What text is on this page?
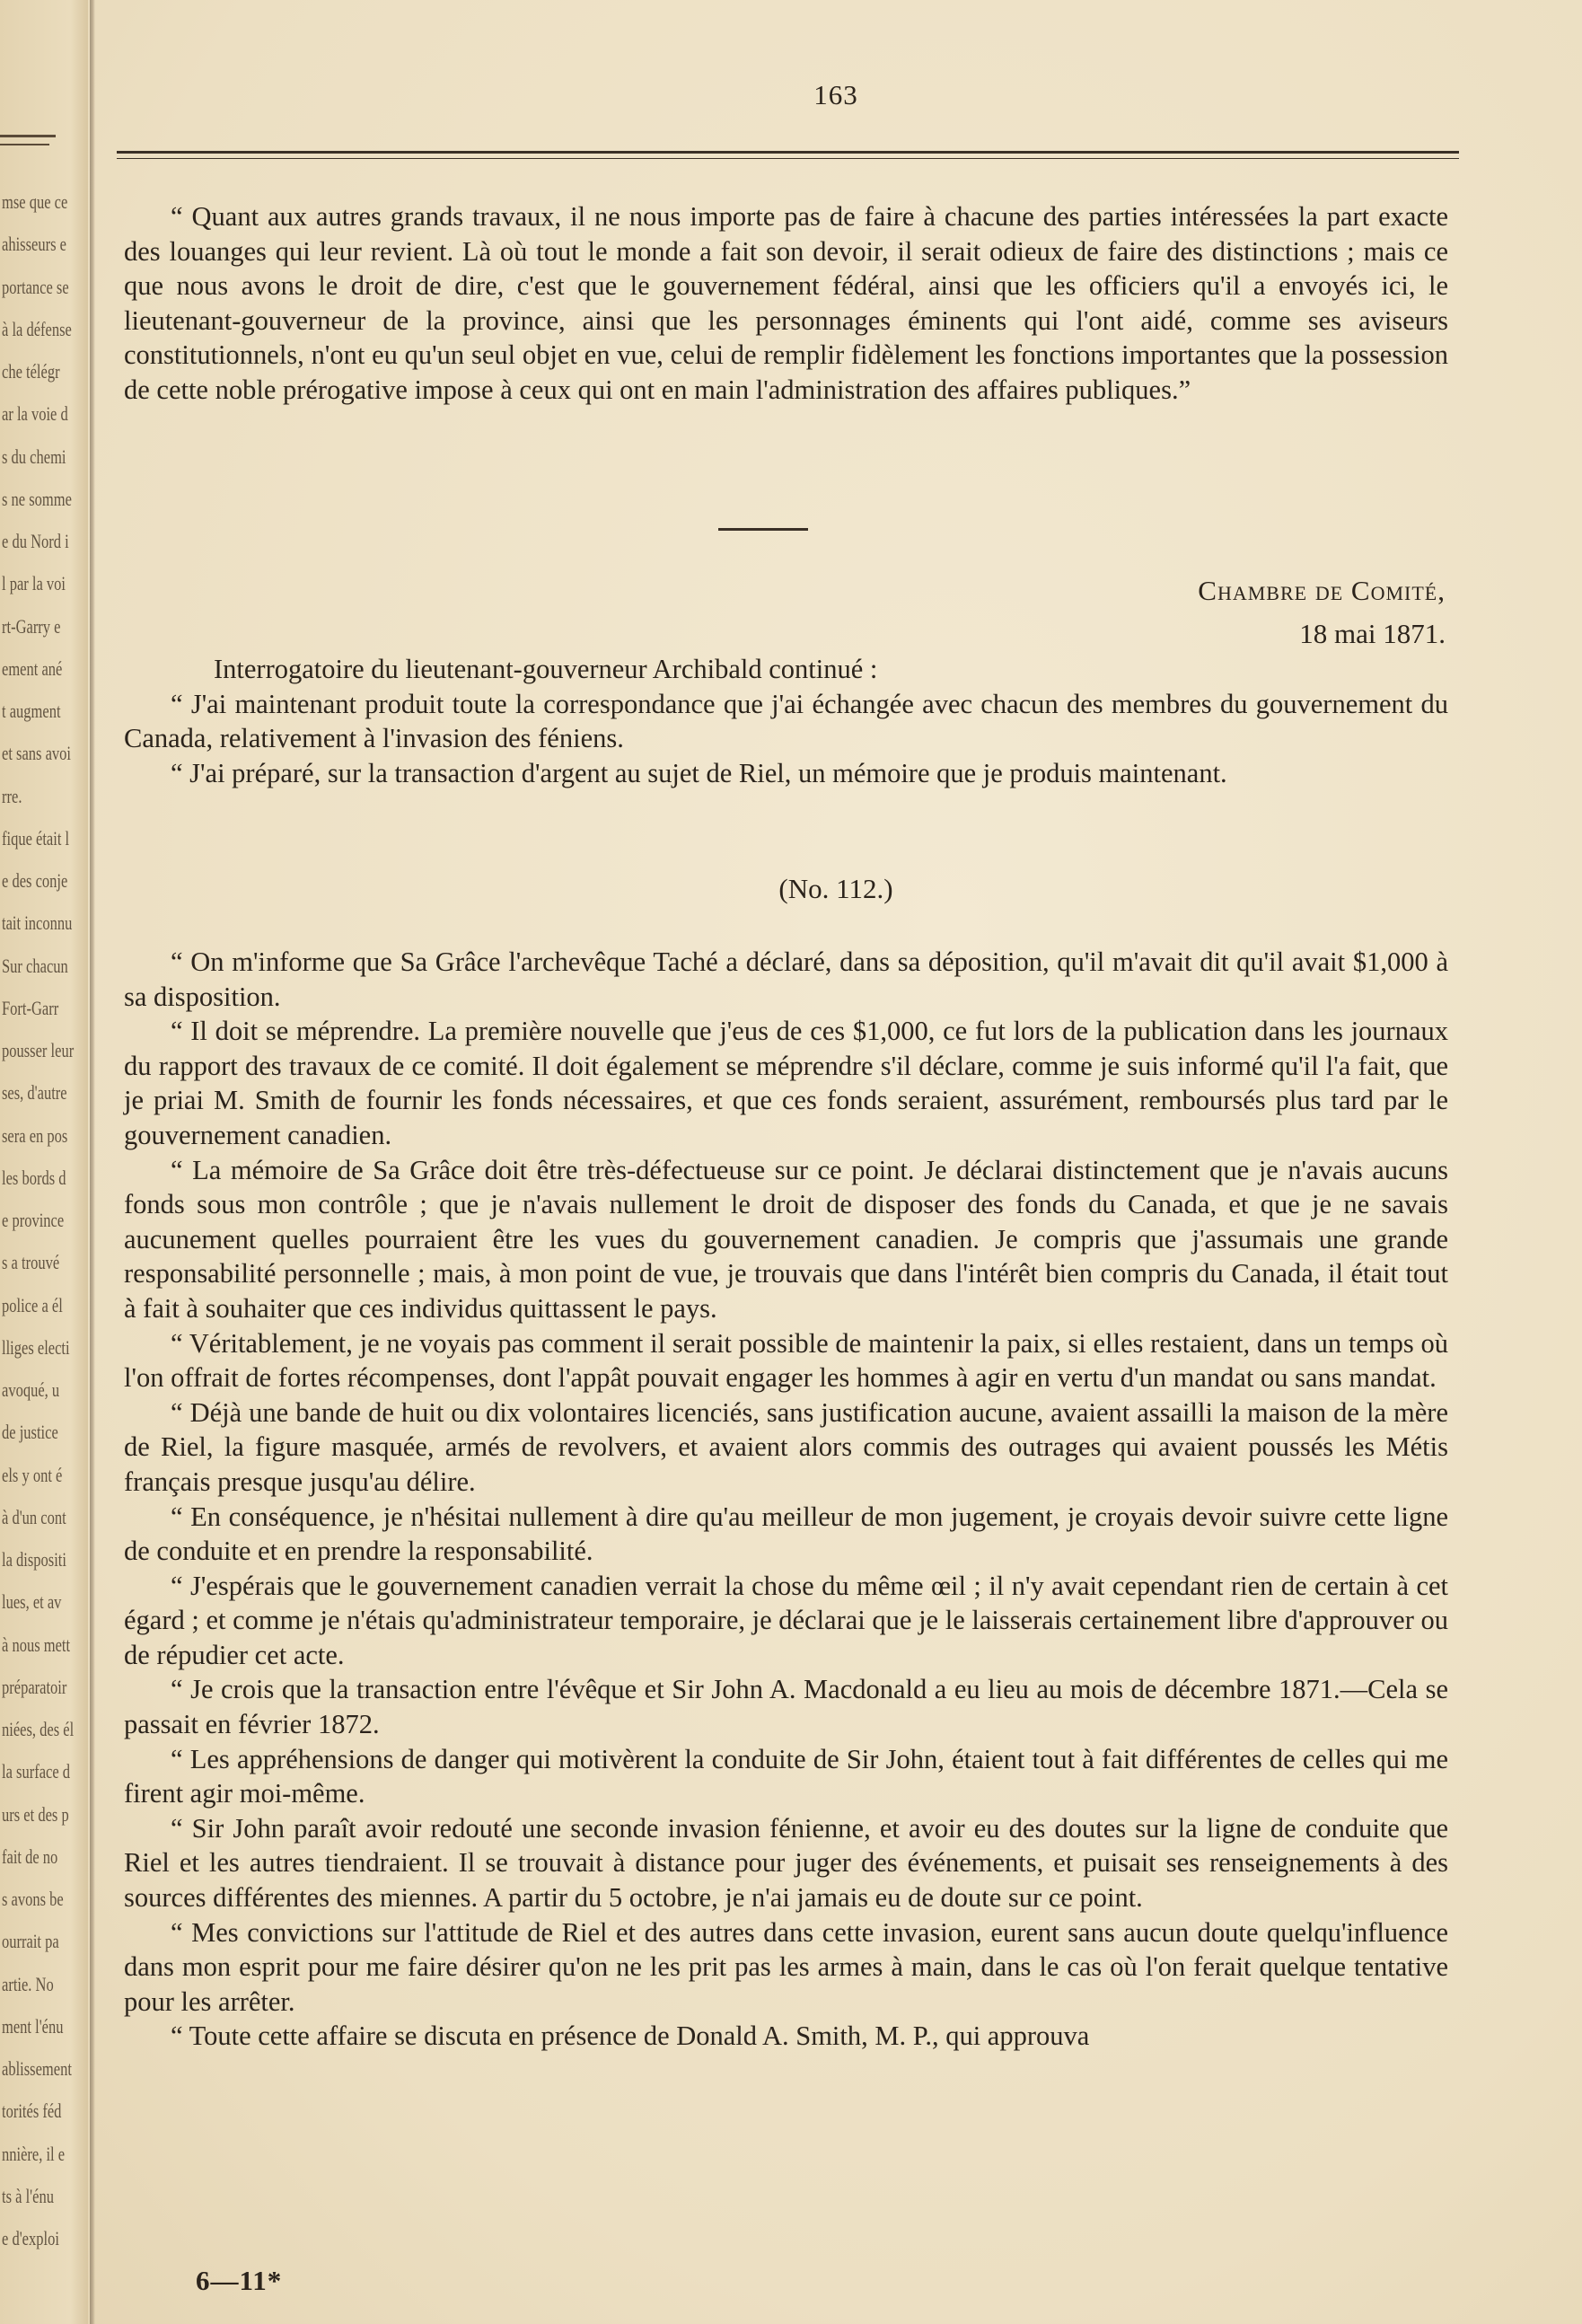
mse que ce
ahisseurs e
portance se
à la défense
che télégr
ar la voie d
s du chemi
s ne somme
e du Nord i
l par la voi
rt-Garry e
ement ané
t augment
et sans avoi
rre.
fique était l
e des conje
tait inconnu
Sur chacun
Fort-Garr
pousser leur
ses, d'autre
sera en pos
les bords d
e province
s a trouvé
police a él
lliges electi
avoqué, u
de justice
els y ont é
à d'un cont
la dispositi
lues, et av
à nous mett
préparatoir
niées, des él
la surface d
urs et des p
fait de no
s avons be
ourrait pa
artie. No
ment l'énu
ablissement
torités féd
nnière, il e
ts à l'énu
e d'exploi
163

“ Quant aux autres grands travaux, il ne nous importe pas de faire à chacune des parties intéressées la part exacte des louanges qui leur revient. Là où tout le monde a fait son devoir, il serait odieux de faire des distinctions ; mais ce que nous avons le droit de dire, c'est que le gouvernement fédéral, ainsi que les officiers qu'il a envoyés ici, le lieutenant-gouverneur de la province, ainsi que les personnages éminents qui l'ont aidé, comme ses aviseurs constitutionnels, n'ont eu qu'un seul objet en vue, celui de remplir fidèlement les fonctions importantes que la possession de cette noble prérogative impose à ceux qui ont en main l'administration des affaires publiques.”

Chambre de Comité,
18 mai 1871.

Interrogatoire du lieutenant-gouverneur Archibald continué :

“ J'ai maintenant produit toute la correspondance que j'ai échangée avec chacun des membres du gouvernement du Canada, relativement à l'invasion des féniens.

“ J'ai préparé, sur la transaction d'argent au sujet de Riel, un mémoire que je produis maintenant.

(No. 112.)

“ On m'informe que Sa Grâce l'archevêque Taché a déclaré, dans sa déposition, qu'il m'avait dit qu'il avait $1,000 à sa disposition.

“ Il doit se méprendre. La première nouvelle que j'eus de ces $1,000, ce fut lors de la publication dans les journaux du rapport des travaux de ce comité. Il doit également se méprendre s'il déclare, comme je suis informé qu'il l'a fait, que je priai M. Smith de fournir les fonds nécessaires, et que ces fonds seraient, assurément, remboursés plus tard par le gouvernement canadien.

“ La mémoire de Sa Grâce doit être très-défectueuse sur ce point. Je déclarai distinctement que je n'avais aucuns fonds sous mon contrôle ; que je n'avais nullement le droit de disposer des fonds du Canada, et que je ne savais aucunement quelles pourraient être les vues du gouvernement canadien. Je compris que j'assumais une grande responsabilité personnelle ; mais, à mon point de vue, je trouvais que dans l'intérêt bien compris du Canada, il était tout à fait à souhaiter que ces individus quittassent le pays.

“ Véritablement, je ne voyais pas comment il serait possible de maintenir la paix, si elles restaient, dans un temps où l'on offrait de fortes récompenses, dont l'appât pouvait engager les hommes à agir en vertu d'un mandat ou sans mandat.

“ Déjà une bande de huit ou dix volontaires licenciés, sans justification aucune, avaient assailli la maison de la mère de Riel, la figure masquée, armés de revolvers, et avaient alors commis des outrages qui avaient poussés les Métis français presque jusqu'au délire.

“ En conséquence, je n'hésitai nullement à dire qu'au meilleur de mon jugement, je croyais devoir suivre cette ligne de conduite et en prendre la responsabilité.

“ J'espérais que le gouvernement canadien verrait la chose du même œil ; il n'y avait cependant rien de certain à cet égard ; et comme je n'étais qu'administrateur temporaire, je déclarai que je le laisserais certainement libre d'approuver ou de répudier cet acte.

“ Je crois que la transaction entre l'évêque et Sir John A. Macdonald a eu lieu au mois de décembre 1871.—Cela se passait en février 1872.

“ Les appréhensions de danger qui motivèrent la conduite de Sir John, étaient tout à fait différentes de celles qui me firent agir moi-même.

“ Sir John paraît avoir redouté une seconde invasion fénienne, et avoir eu des doutes sur la ligne de conduite que Riel et les autres tiendraient. Il se trouvait à distance pour juger des événements, et puisait ses renseignements à des sources différentes des miennes. A partir du 5 octobre, je n'ai jamais eu de doute sur ce point.

“ Mes convictions sur l'attitude de Riel et des autres dans cette invasion, eurent sans aucun doute quelqu'influence dans mon esprit pour me faire désirer qu'on ne les prit pas les armes à main, dans le cas où l'on ferait quelque tentative pour les arrêter.

“ Toute cette affaire se discuta en présence de Donald A. Smith, M. P., qui approuva

6—11*
